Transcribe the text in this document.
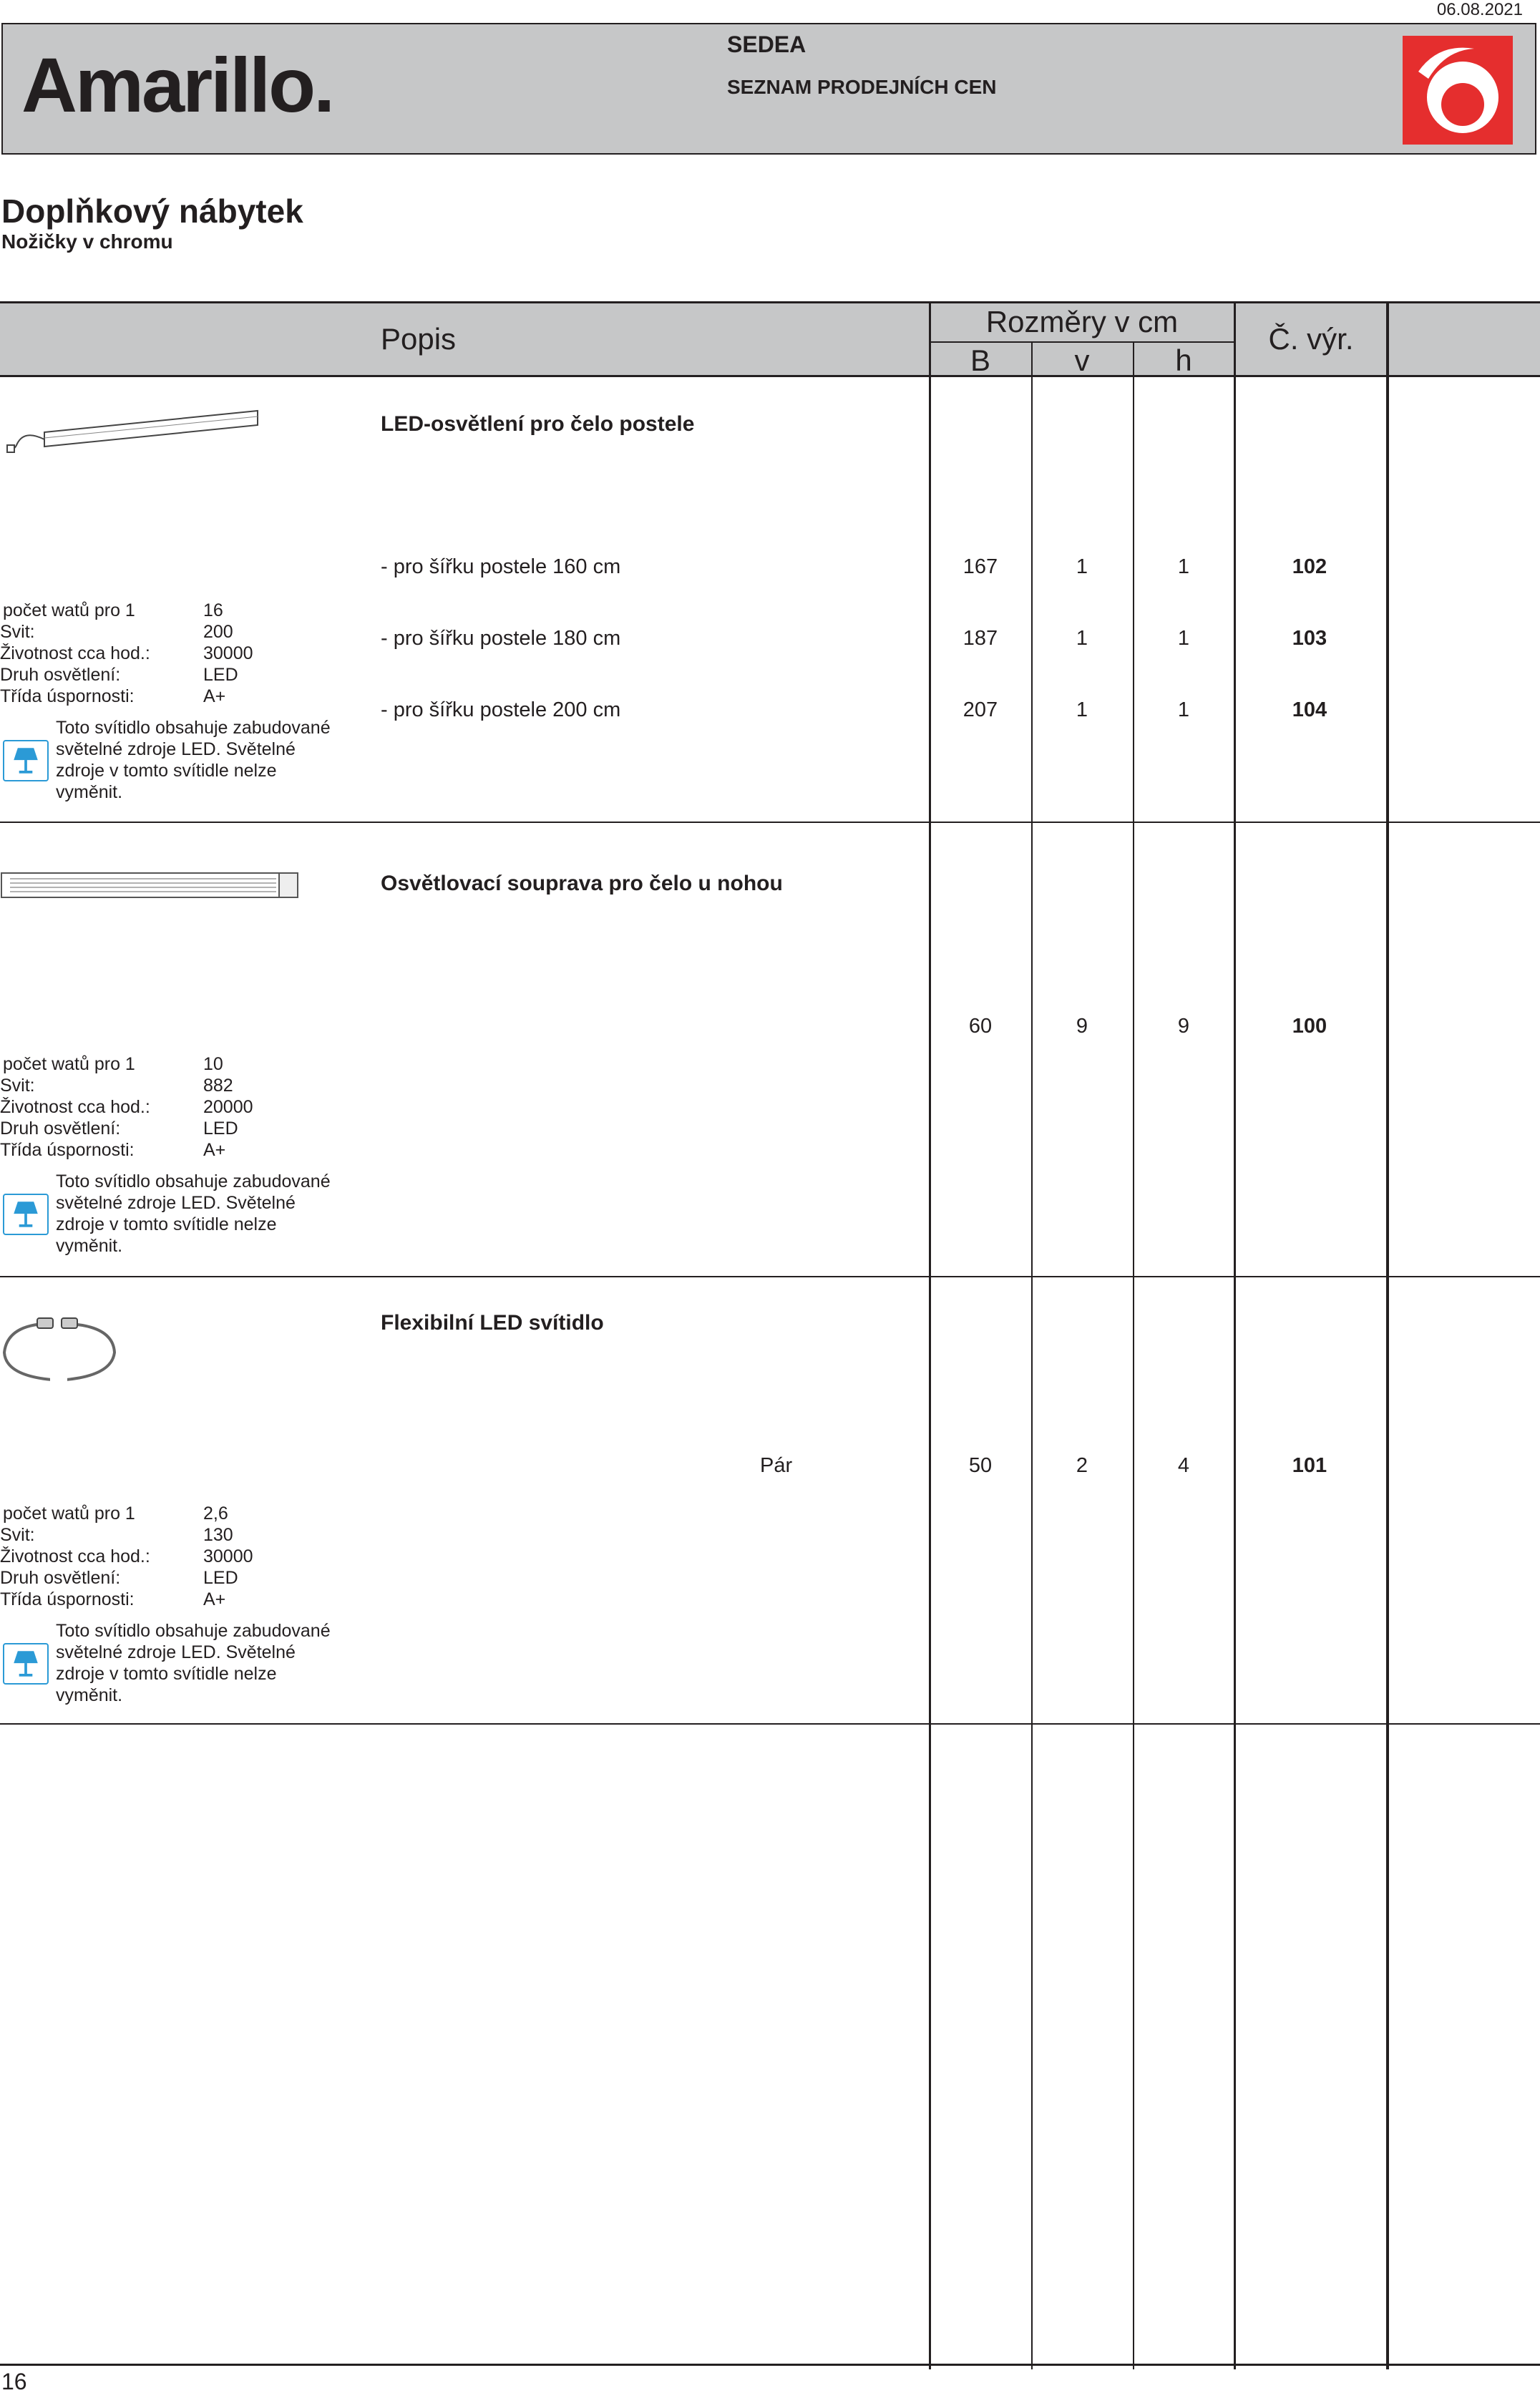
06.08.2021
Amarillo.	SEDEA
SEZNAM PRODEJNÍCH CEN
Doplňkový nábytek
Nožičky v chromu
Popis
Rozměry v cm
B	v	h
Č. výr.
LED-osvětlení pro čelo postele
- pro šířku postele 160 cm	167	1	1	102
- pro šířku postele 180 cm	187	1	1	103
- pro šířku postele 200 cm	207	1	1	104
počet watů pro 1	16
Svit:	200
Životnost cca hod.:	30000
Druh osvětlení:	LED
Třída úspornosti:	A+
Toto svítidlo obsahuje zabudované světelné zdroje LED. Světelné zdroje v tomto svítidle nelze vyměnit.
Osvětlovací souprava pro čelo u nohou
60	9	9	100
počet watů pro 1	10
Svit:	882
Životnost cca hod.:	20000
Druh osvětlení:	LED
Třída úspornosti:	A+
Toto svítidlo obsahuje zabudované světelné zdroje LED. Světelné zdroje v tomto svítidle nelze vyměnit.
Flexibilní LED svítidlo
Pár	50	2	4	101
počet watů pro 1	2,6
Svit:	130
Životnost cca hod.:	30000
Druh osvětlení:	LED
Třída úspornosti:	A+
Toto svítidlo obsahuje zabudované světelné zdroje LED. Světelné zdroje v tomto svítidle nelze vyměnit.
16
